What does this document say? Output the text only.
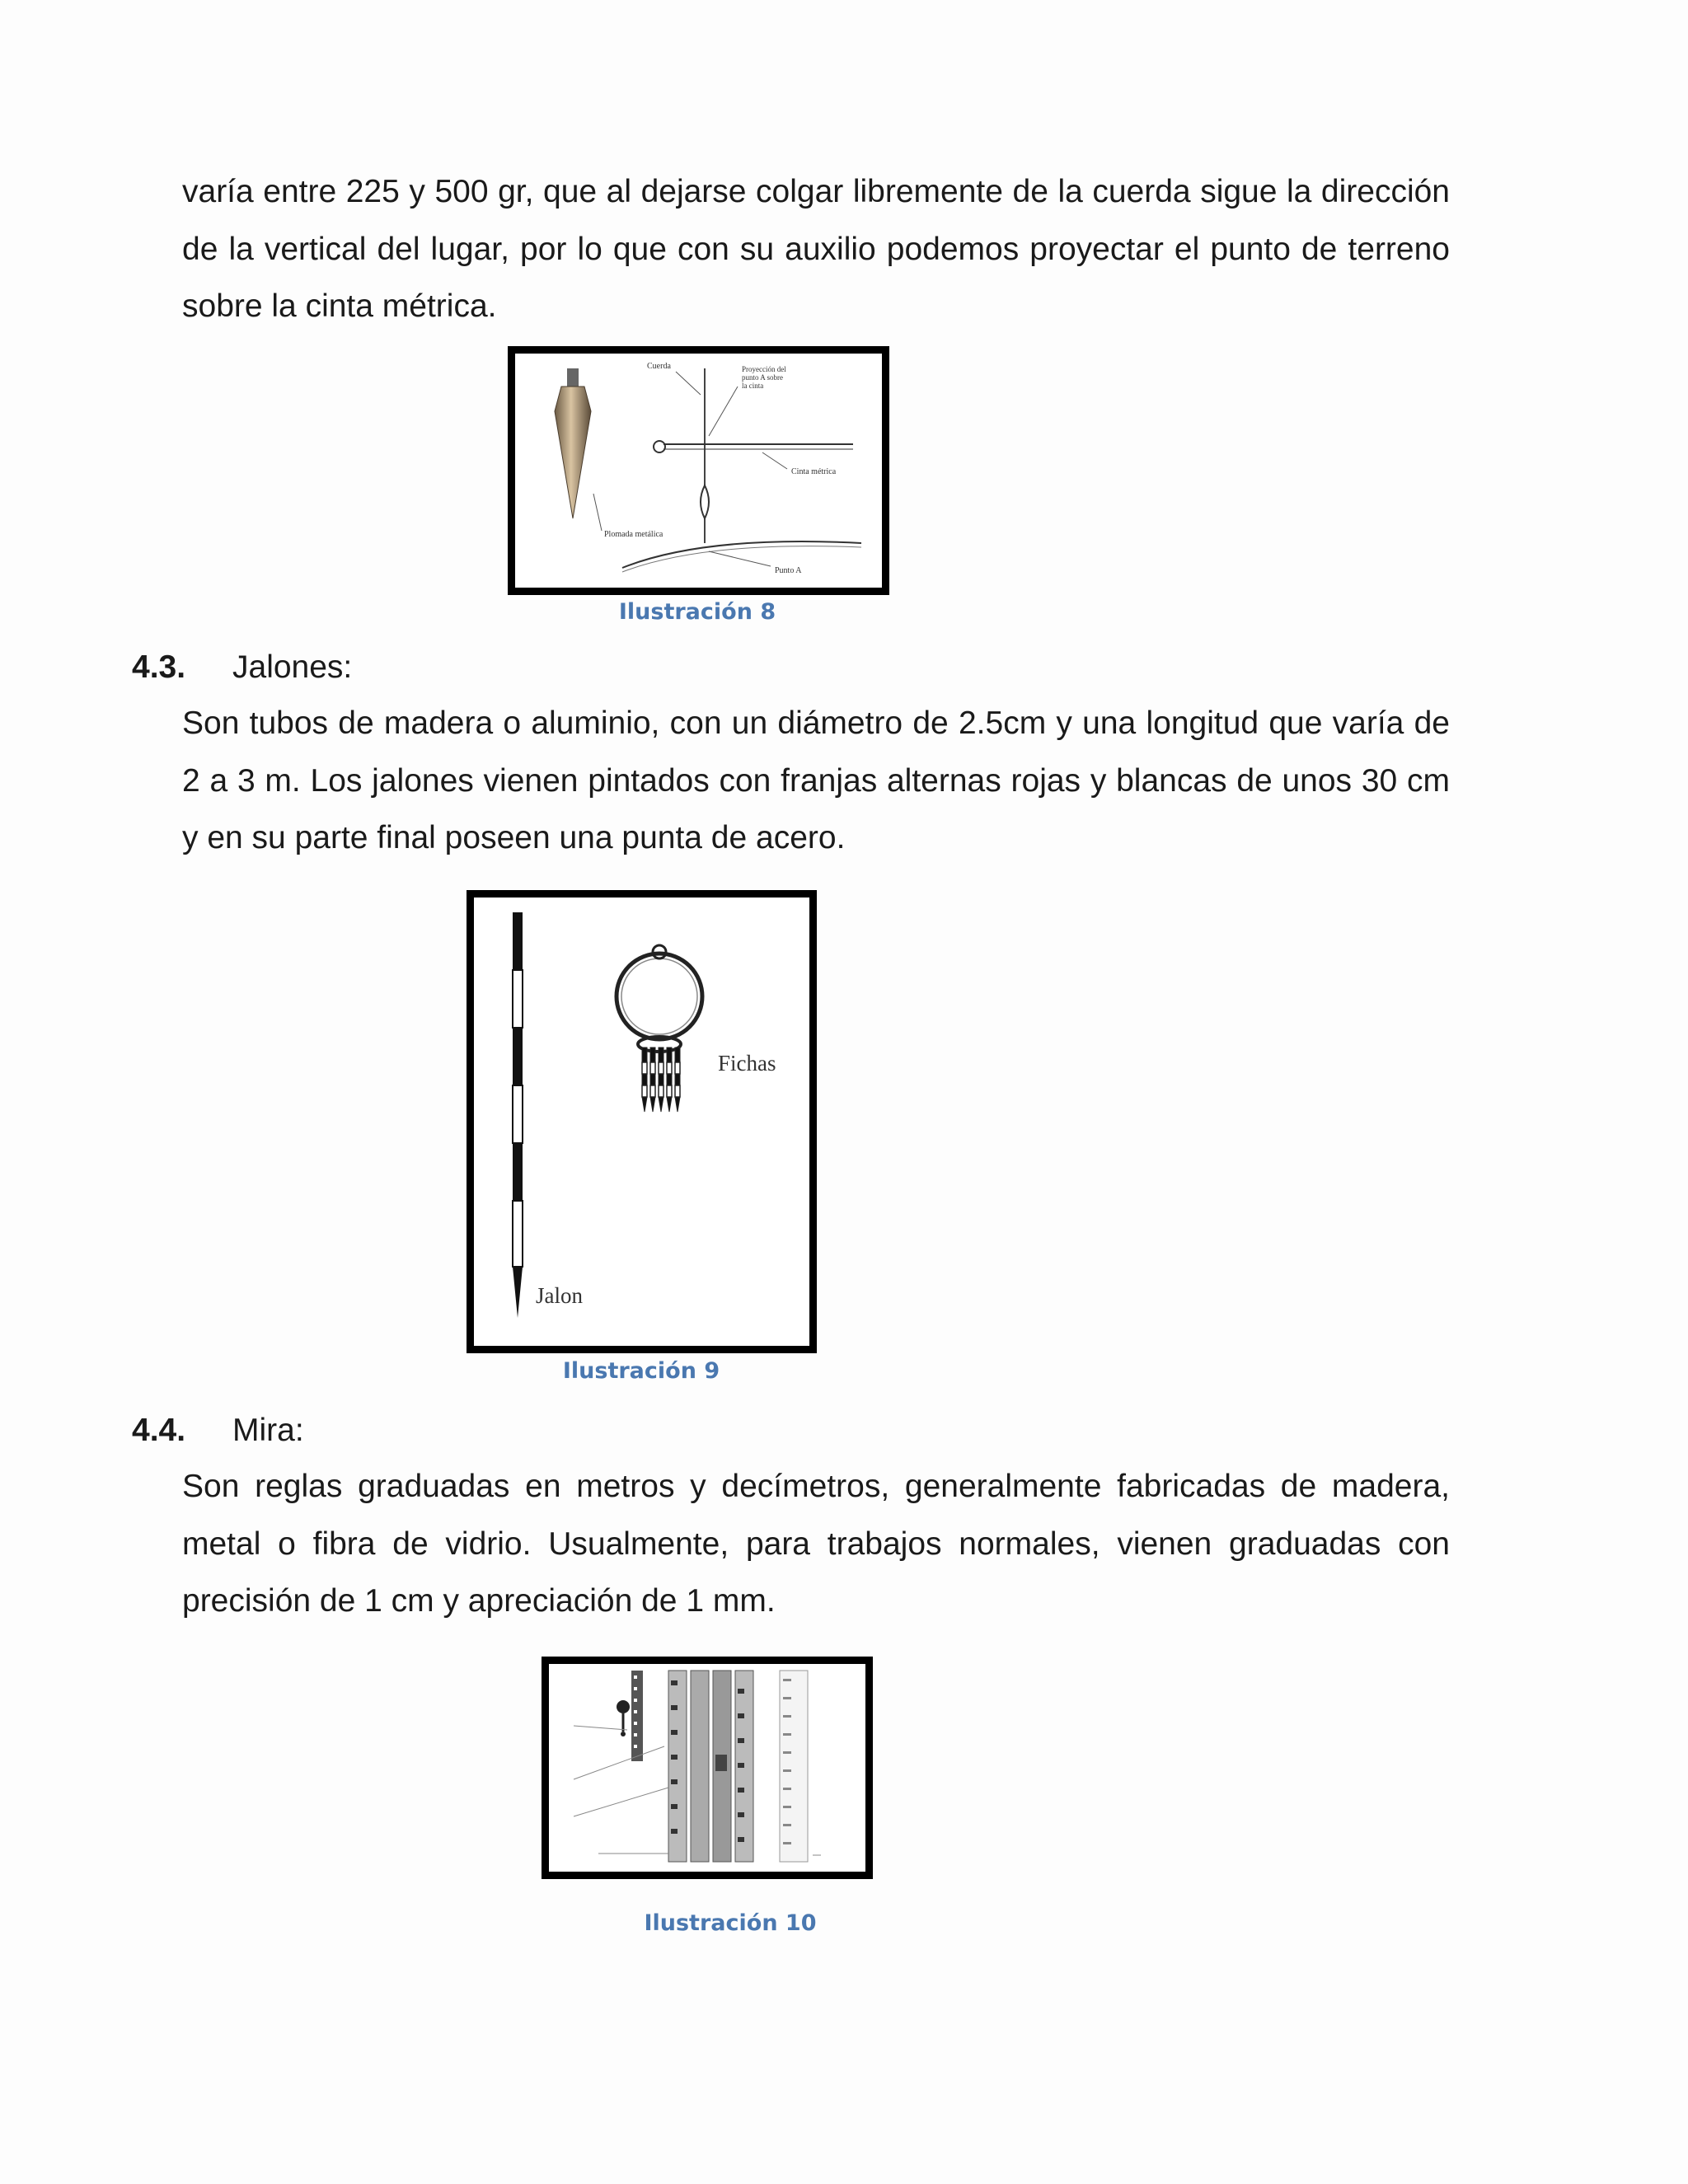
varía entre 225 y 500 gr, que al dejarse colgar libremente de la cuerda sigue la dirección de la vertical del lugar, por lo que con su auxilio podemos proyectar el punto de terreno sobre la cinta métrica.

Cuerda	Proyección del
punto A sobre
la cinta
Cinta métrica
Plomada metálica
Punto A
Ilustración 8
4.3. Jalones:

Son tubos de madera o aluminio, con un diámetro de 2.5cm y una longitud que varía de 2 a 3 m. Los jalones vienen pintados con franjas alternas rojas y blancas de unos 30 cm y en su parte final poseen una punta de acero.

Fichas
Jalon
Ilustración 9
4.4. Mira:

Son reglas graduadas en metros y decímetros, generalmente fabricadas de madera, metal o fibra de vidrio. Usualmente, para trabajos normales, vienen graduadas con precisión de 1 cm y apreciación de 1 mm.

Ilustración 10
